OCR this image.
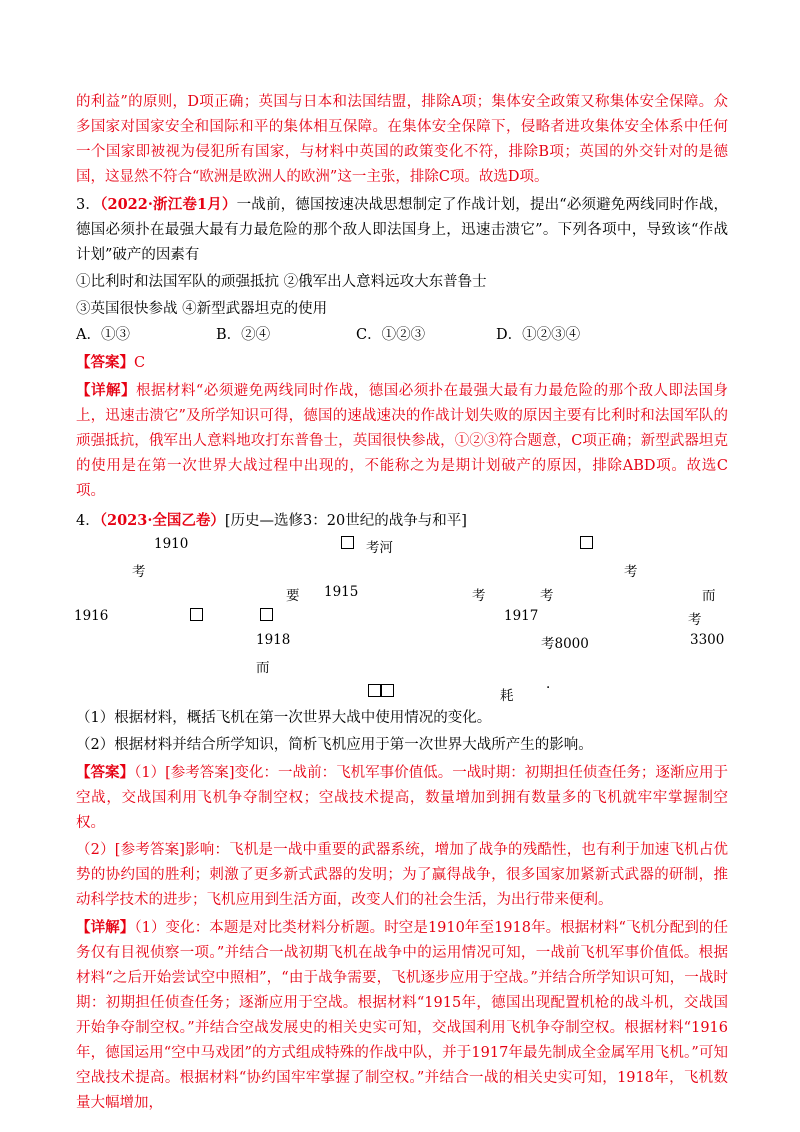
的利益”的原则，D项正确；英国与日本和法国结盟，排除A项；集体安全政策又称集体安全保障。众多国家对国家安全和国际和平的集体相互保障。在集体安全保障下，侵略者进攻集体安全体系中任何一个国家即被视为侵犯所有国家，与材料中英国的政策变化不符，排除B项；英国的外交针对的是德国，这显然不符合“欧洲是欧洲人的欧洲”这一主张，排除C项。故选D项。

3．（2022·浙江卷1月）一战前，德国按速决战思想制定了作战计划，提出“必须避免两线同时作战，德国必须扑在最强大最有力最危险的那个敌人即法国身上，迅速击溃它”。下列各项中，导致该“作战计划”破产的因素有

①比利时和法国军队的顽强抵抗 ②俄军出人意料远攻大东普鲁士

③英国很快参战 ④新型武器坦克的使用

A．①③	B．②④	C．①②③	D．①②③④

【答案】C

【详解】根据材料“必须避免两线同时作战，德国必须扑在最强大最有力最危险的那个敌人即法国身上，迅速击溃它”及所学知识可得，德国的速战速决的作战计划失败的原因主要有比利时和法国军队的顽强抵抗，俄军出人意料地攻打东普鲁士，英国很快参战，①②③符合题意，C项正确；新型武器坦克的使用是在第一次世界大战过程中出现的，不能称之为是期计划破产的原因，排除ABD项。故选C项。

4．（2023·全国乙卷）[历史—选修3：20世纪的战争与和平]

1910	考河
考	考
要 1915	考	考	而
1916	1917	考
1918	考8000	3300
而
耗 ·

（1）根据材料，概括飞机在第一次世界大战中使用情况的变化。

（2）根据材料并结合所学知识，简析飞机应用于第一次世界大战所产生的影响。

【答案】（1）[参考答案]变化：一战前：飞机军事价值低。一战时期：初期担任侦查任务；逐渐应用于空战，交战国利用飞机争夺制空权；空战技术提高，数量增加到拥有数量多的飞机就牢牢掌握制空权。

（2）[参考答案]影响：飞机是一战中重要的武器系统，增加了战争的残酷性，也有利于加速飞机占优势的协约国的胜利；刺激了更多新式武器的发明；为了赢得战争，很多国家加紧新式武器的研制，推动科学技术的进步；飞机应用到生活方面，改变人们的社会生活，为出行带来便利。

【详解】（1）变化：本题是对比类材料分析题。时空是1910年至1918年。根据材料“飞机分配到的任务仅有目视侦察一项。”并结合一战初期飞机在战争中的运用情况可知，一战前飞机军事价值低。根据材料“之后开始尝试空中照相”，“由于战争需要，飞机逐步应用于空战。”并结合所学知识可知，一战时期：初期担任侦查任务；逐渐应用于空战。根据材料“1915年，德国出现配置机枪的战斗机，交战国开始争夺制空权。”并结合空战发展史的相关史实可知，交战国利用飞机争夺制空权。根据材料“1916年，德国运用“空中马戏团”的方式组成特殊的作战中队，并于1917年最先制成全金属军用飞机。”可知空战技术提高。根据材料“协约国牢牢掌握了制空权。”并结合一战的相关史实可知，1918年，飞机数量大幅增加，
